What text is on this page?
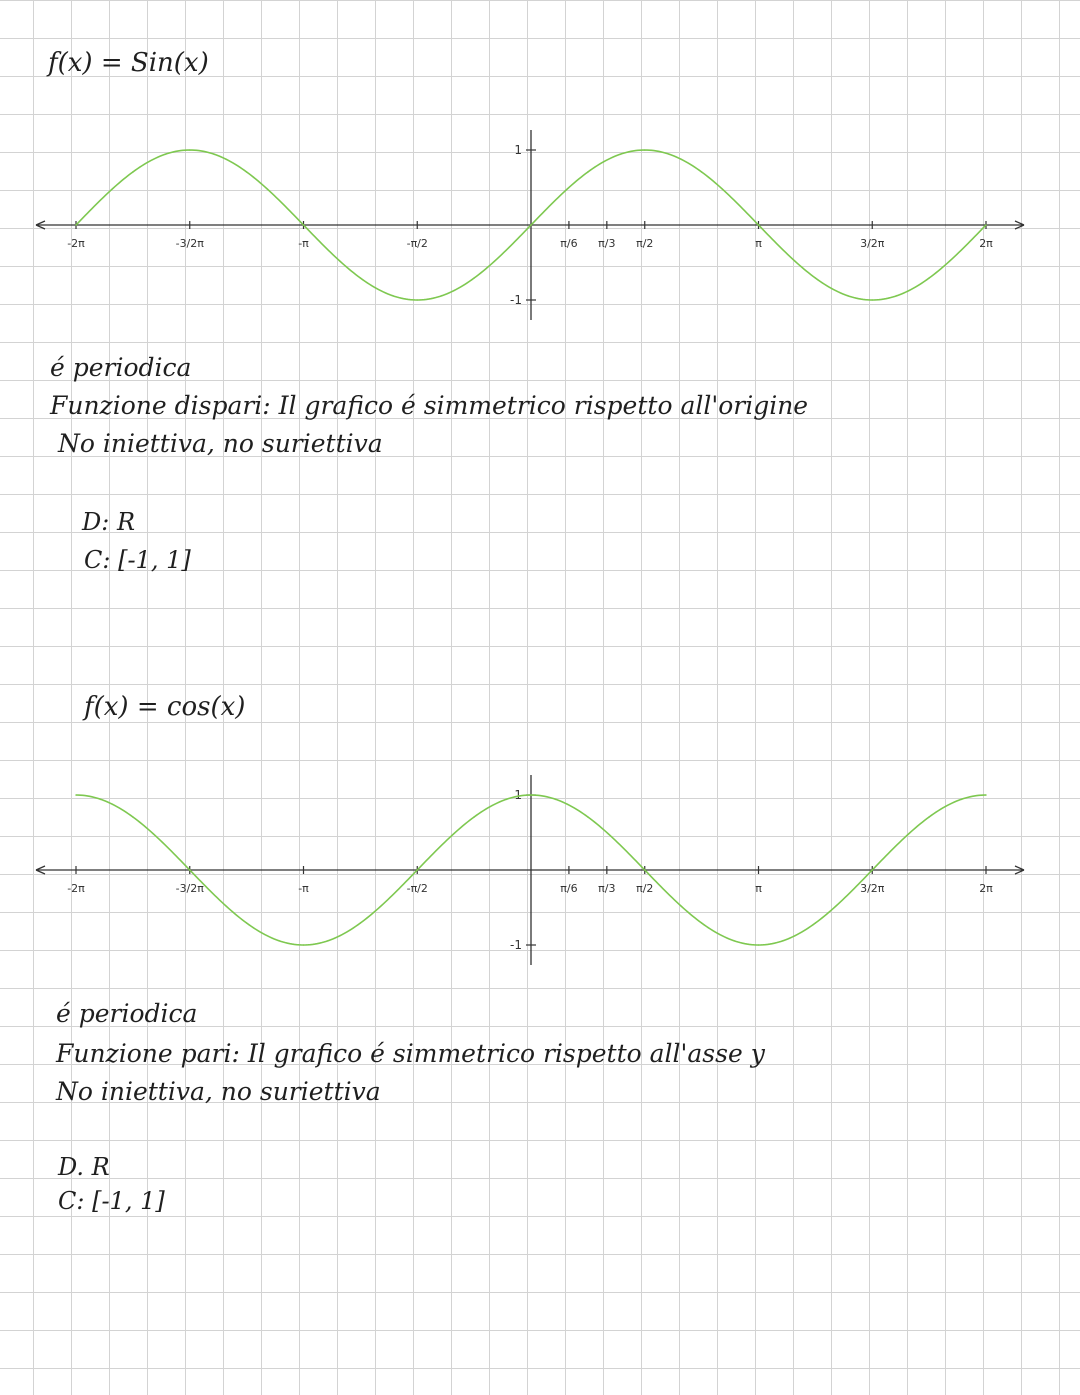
f(x) = Sin(x)
1
-1
-2π	-3/2π	-π	-π/2	π/6 π/3 π/2	π	3/2π	2π
é periodica
Funzione dispari: Il grafico é simmetrico rispetto all'origine
No iniettiva, no suriettiva
D: R
C: [-1, 1]
f(x) = cos(x)
1
-1
-2π	-3/2π	-π	-π/2	π/6 π/3 π/2	π	3/2π	2π
é periodica
Funzione pari: Il grafico é simmetrico rispetto all'asse y
No iniettiva, no suriettiva
D. R
C: [-1, 1]
